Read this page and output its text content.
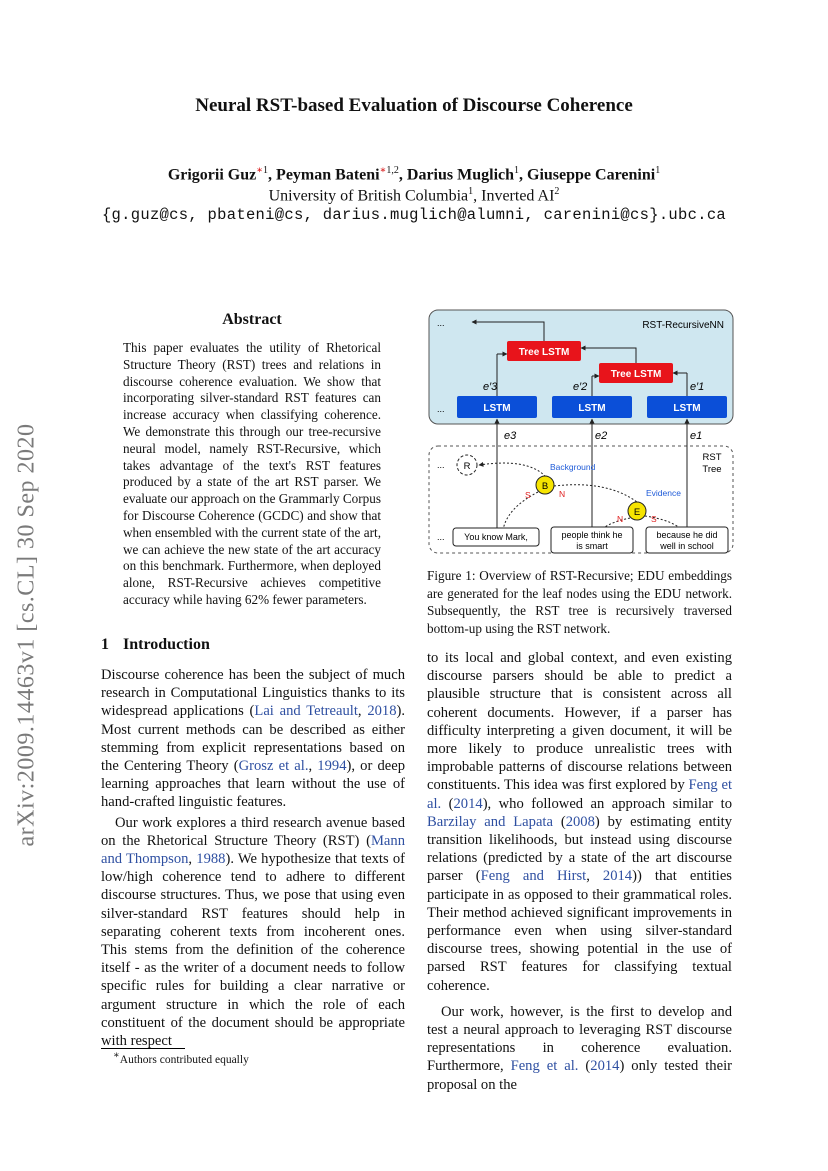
arXiv:2009.14463v1 [cs.CL] 30 Sep 2020
Neural RST-based Evaluation of Discourse Coherence
Grigorii Guz$^{∗1}$, Peyman Bateni$^{∗1,2}$, Darius Muglich$^1$, Giuseppe Carenini$^1$
University of British Columbia$^1$, Inverted $AI^2$
{g.guz@cs, pbateni@cs, darius.muglich@alumni, carenini@cs}.ubc.ca
Abstract
This paper evaluates the utility of Rhetorical Structure Theory (RST) trees and relations in discourse coherence evaluation. We show that incorporating silver-standard RST features can increase accuracy when classifying coherence. We demonstrate this through our tree-recursive neural model, namely RST-Recursive, which takes advantage of the text's RST features produced by a state of the art RST parser. We evaluate our approach on the Grammarly Corpus for Discourse Coherence (GCDC) and show that when ensembled with the current state of the art, we can achieve the new state of the art accuracy on this benchmark. Furthermore, when deployed alone, RST-Recursive achieves competitive accuracy while having 62% fewer parameters.
1 Introduction

Discourse coherence has been the subject of much research in Computational Linguistics thanks to its widespread applications (Lai and Tetreault, 2018). Most current methods can be described as either stemming from explicit representations based on the Centering Theory (Grosz et al., 1994), or deep learning approaches that learn without the use of hand-crafted linguistic features.

Our work explores a third research avenue based on the Rhetorical Structure Theory (RST) (Mann and Thompson, 1988). We hypothesize that texts of low/high coherence tend to adhere to different discourse structures. Thus, we pose that using even silver-standard RST features should help in separating coherent texts from incoherent ones. This stems from the definition of the coherence itself - as the writer of a document needs to follow specific rules for building a clear narrative or argument structure in which the role of each constituent of the document should be appropriate with respect

∗Authors contributed equally
...	RST-RecursiveNN
Tree LSTM
Tree LSTM
LSTM	LSTM
...	LSTM
e′3	e′2	e′1
RST
Tree
...
...
e3	e2	e1
R
B
E
Background
Evidence
S	N
N	S
You know Mark,	people think he
is smart
because he did
well in school
Figure 1: Overview of RST-Recursive; EDU embeddings are generated for the leaf nodes using the EDU network. Subsequently, the RST tree is recursively traversed bottom-up using the RST network.

to its local and global context, and even existing discourse parsers should be able to predict a plausible structure that is consistent across all coherent documents. However, if a parser has difficulty interpreting a given document, it will be more likely to produce unrealistic trees with improbable patterns of discourse relations between constituents. This idea was first explored by Feng et al. (2014), who followed an approach similar to Barzilay and Lapata (2008) by estimating entity transition likelihoods, but instead using discourse relations (predicted by a state of the art discourse parser (Feng and Hirst, 2014)) that entities participate in as opposed to their grammatical roles. Their method achieved significant improvements in performance even when using silver-standard discourse trees, showing potential in the use of parsed RST features for classifying textual coherence.

Our work, however, is the first to develop and test a neural approach to leveraging RST discourse representations in coherence evaluation. Furthermore, Feng et al. (2014) only tested their proposal on the
